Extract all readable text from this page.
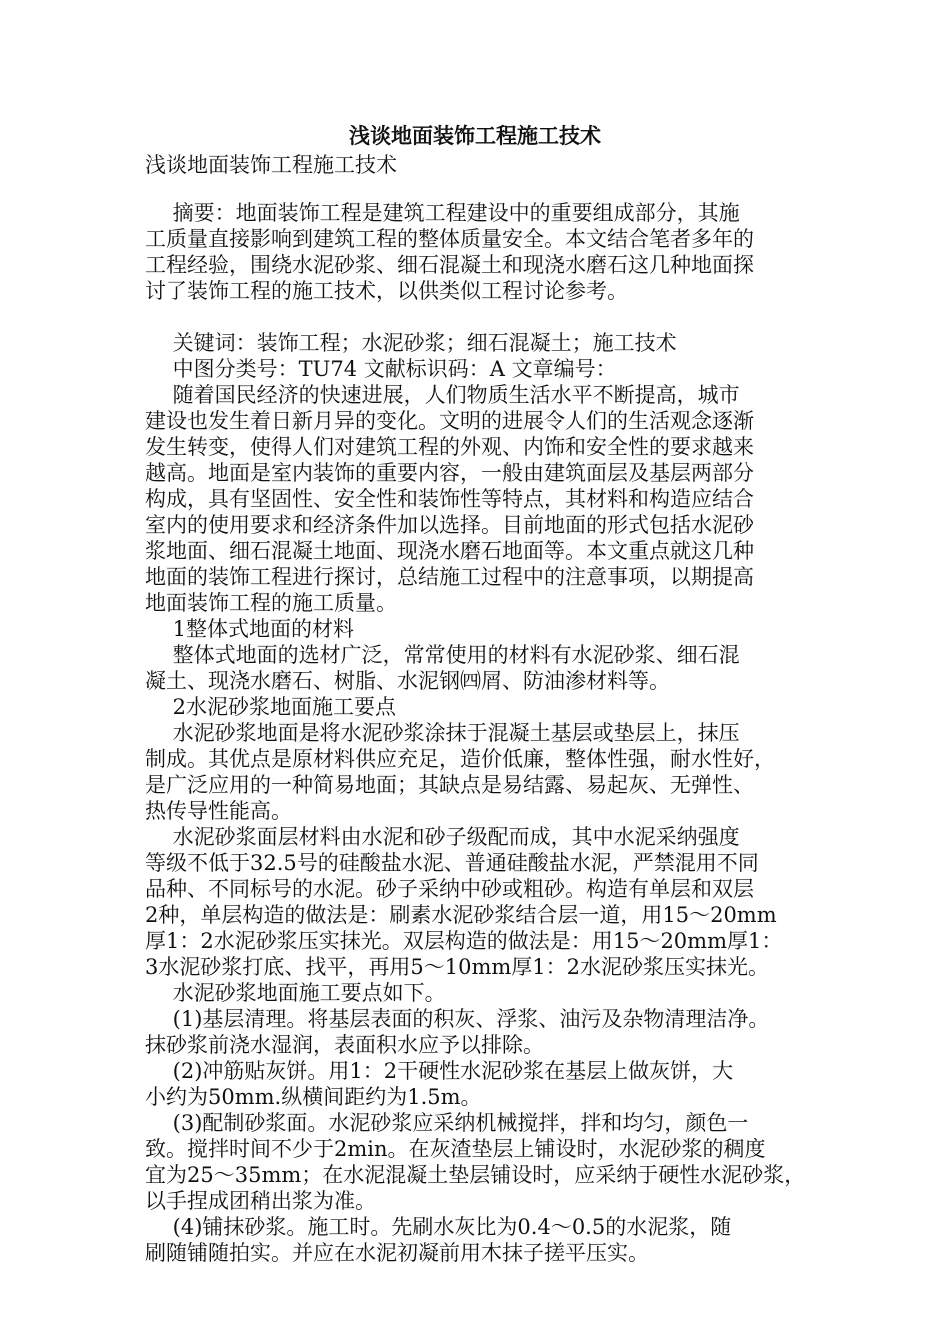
浅谈地面装饰工程施工技术
浅谈地面装饰工程施工技术
　 摘要：地面装饰工程是建筑工程建设中的重要组成部分，其施
工质量直接影响到建筑工程的整体质量安全。本文结合笔者多年的
工程经验，围绕水泥砂浆、细石混凝土和现浇水磨石这几种地面探
讨了装饰工程的施工技术，以供类似工程讨论参考。
　 关键词：装饰工程；水泥砂浆；细石混凝土；施工技术
　 中图分类号：TU74 文献标识码：A 文章编号：
　 随着国民经济的快速进展，人们物质生活水平不断提高，城市
建设也发生着日新月异的变化。文明的进展令人们的生活观念逐渐
发生转变，使得人们对建筑工程的外观、内饰和安全性的要求越来
越高。地面是室内装饰的重要内容，一般由建筑面层及基层两部分
构成，具有坚固性、安全性和装饰性等特点，其材料和构造应结合
室内的使用要求和经济条件加以选择。目前地面的形式包括水泥砂
浆地面、细石混凝土地面、现浇水磨石地面等。本文重点就这几种
地面的装饰工程进行探讨，总结施工过程中的注意事项，以期提高
地面装饰工程的施工质量。
　 1整体式地面的材料
　 整体式地面的选材广泛，常常使用的材料有水泥砂浆、细石混
凝土、现浇水磨石、树脂、水泥钢㈣屑、防油渗材料等。
　 2水泥砂浆地面施工要点
　 水泥砂浆地面是将水泥砂浆涂抹于混凝土基层或垫层上，抹压
制成。其优点是原材料供应充足，造价低廉，整体性强，耐水性好，
是广泛应用的一种简易地面；其缺点是易结露、易起灰、无弹性、
热传导性能高。
　 水泥砂浆面层材料由水泥和砂子级配而成，其中水泥采纳强度
等级不低于32.5号的硅酸盐水泥、普通硅酸盐水泥，严禁混用不同
品种、不同标号的水泥。砂子采纳中砂或粗砂。构造有单层和双层
2种，单层构造的做法是：刷素水泥砂浆结合层一道，用15～20mm
厚1：2水泥砂浆压实抹光。双层构造的做法是：用15～20mm厚1：
3水泥砂浆打底、找平，再用5～10mm厚1：2水泥砂浆压实抹光。
　 水泥砂浆地面施工要点如下。
　 (1)基层清理。将基层表面的积灰、浮浆、油污及杂物清理洁净。
抹砂浆前浇水湿润，表面积水应予以排除。
　 (2)冲筋贴灰饼。用1：2干硬性水泥砂浆在基层上做灰饼，大
小约为50mm.纵横间距约为1.5m。
　 (3)配制砂浆面。水泥砂浆应采纳机械搅拌，拌和均匀，颜色一
致。搅拌时间不少于2min。在灰渣垫层上铺设时，水泥砂浆的稠度
宜为25～35mm；在水泥混凝土垫层铺设时，应采纳于硬性水泥砂浆，
以手捏成团稍出浆为准。
　 (4)铺抹砂浆。施工时。先刷水灰比为0.4～0.5的水泥浆，随
刷随铺随拍实。并应在水泥初凝前用木抹子搓平压实。
